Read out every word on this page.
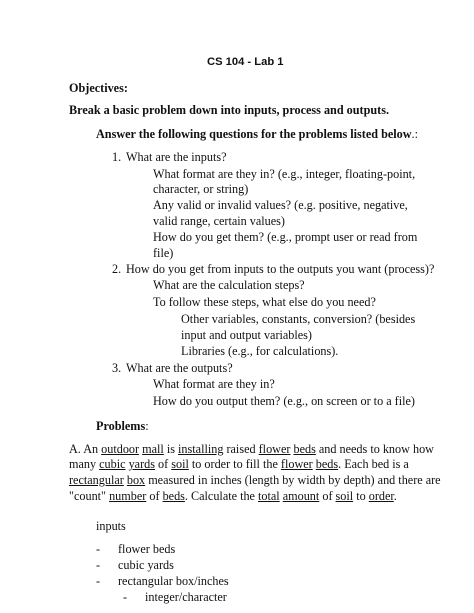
CS 104 - Lab 1
Objectives:
Break a basic problem down into inputs, process and outputs.
Answer the following questions for the problems listed below.:
1. What are the inputs?
What format are they in? (e.g., integer, floating-point,
character, or string)
Any valid or invalid values? (e.g. positive, negative,
valid range, certain values)
How do you get them? (e.g., prompt user or read from
file)
2. How do you get from inputs to the outputs you want (process)?
What are the calculation steps?
To follow these steps, what else do you need?
Other variables, constants, conversion? (besides
input and output variables)
Libraries (e.g., for calculations).
3. What are the outputs?
What format are they in?
How do you output them? (e.g., on screen or to a file)
Problems:
A. An outdoor mall is installing raised flower beds and needs to know how
many cubic yards of soil to order to fill the flower beds. Each bed is a
rectangular box measured in inches (length by width by depth) and there are
"count" number of beds. Calculate the total amount of soil to order.
inputs
- flower beds
- cubic yards
- rectangular box/inches
- integer/character
